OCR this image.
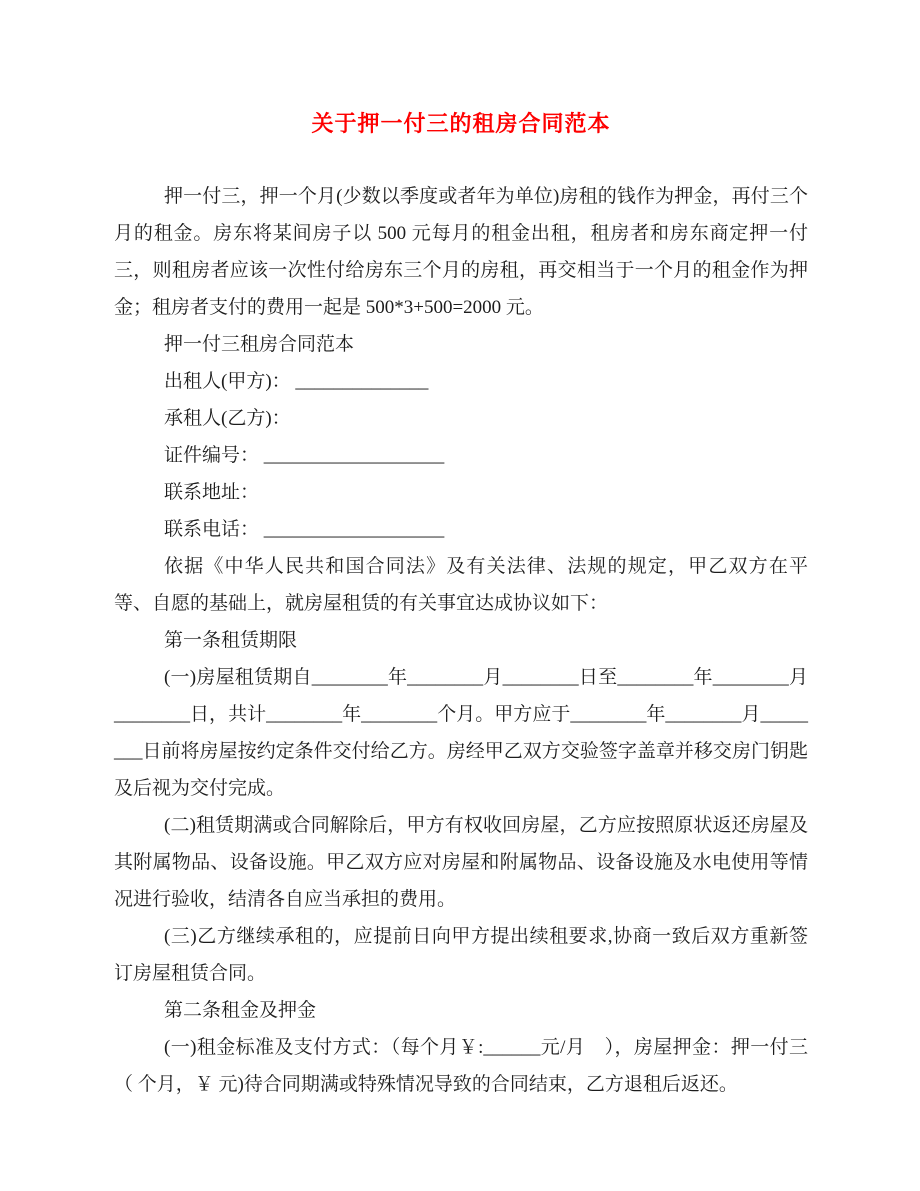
关于押一付三的租房合同范本

押一付三，押一个月(少数以季度或者年为单位)房租的钱作为押金，再付三个月的租金。房东将某间房子以 500 元每月的租金出租，租房者和房东商定押一付三，则租房者应该一次性付给房东三个月的房租，再交相当于一个月的租金作为押金；租房者支付的费用一起是 500*3+500=2000 元。

押一付三租房合同范本

出租人(甲方)： ______________

承租人(乙方)：

证件编号： ___________________

联系地址：

联系电话： ___________________

依据《中华人民共和国合同法》及有关法律、法规的规定，甲乙双方在平等、自愿的基础上，就房屋租赁的有关事宜达成协议如下：

第一条租赁期限

(一)房屋租赁期自________年________月________日至________年________月________日，共计________年________个月。甲方应于________年________月________日前将房屋按约定条件交付给乙方。房经甲乙双方交验签字盖章并移交房门钥匙及后视为交付完成。

(二)租赁期满或合同解除后，甲方有权收回房屋，乙方应按照原状返还房屋及其附属物品、设备设施。甲乙双方应对房屋和附属物品、设备设施及水电使用等情况进行验收，结清各自应当承担的费用。

(三)乙方继续承租的，应提前日向甲方提出续租要求,协商一致后双方重新签订房屋租赁合同。

第二条租金及押金

(一)租金标准及支付方式：（每个月￥:______元/月　），房屋押金：押一付三 （ 个月，￥ 元)待合同期满或特殊情况导致的合同结束，乙方退租后返还。
